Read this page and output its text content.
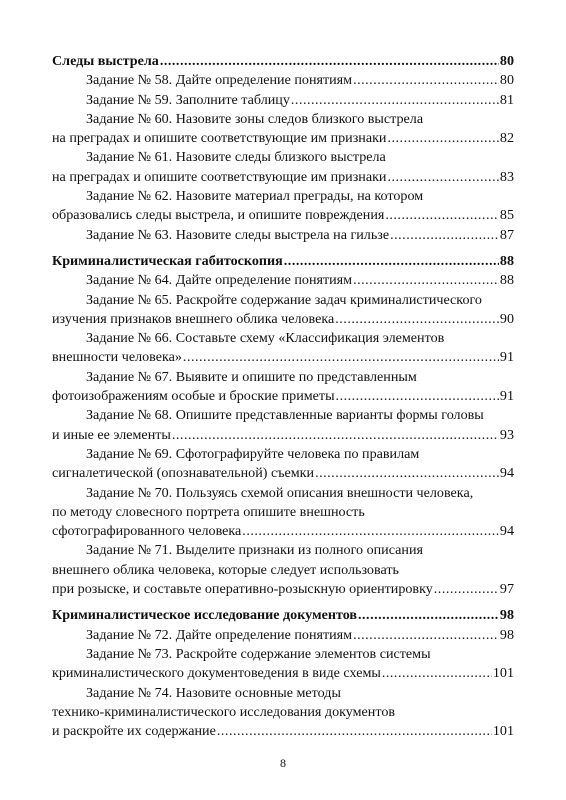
Следы выстрела .....	80
Задание № 58. Дайте определение понятиям .....	80
Задание № 59. Заполните таблицу .....	81
Задание № 60. Назовите зоны следов близкого выстрела
на преградах и опишите соответствующие им признаки .....	82
Задание № 61. Назовите следы близкого выстрела
на преградах и опишите соответствующие им признаки .....	83
Задание № 62. Назовите материал преграды, на котором
образовались следы выстрела, и опишите повреждения .....	85
Задание № 63. Назовите следы выстрела на гильзе .....	87
Криминалистическая габитоскопия .....	88
Задание № 64. Дайте определение понятиям .....	88
Задание № 65. Раскройте содержание задач криминалистического
изучения признаков внешнего облика человека .....	90
Задание № 66. Составьте схему «Классификация элементов
внешности человека» .....	91
Задание № 67. Выявите и опишите по представленным
фотоизображениям особые и броские приметы .....	91
Задание № 68. Опишите представленные варианты формы головы
и иные ее элементы .....	93
Задание № 69. Сфотографируйте человека по правилам
сигналетической (опознавательной) съемки .....	94
Задание № 70. Пользуясь схемой описания внешности человека,
по методу словесного портрета опишите внешность
сфотографированного человека .....	94
Задание № 71. Выделите признаки из полного описания
внешнего облика человека, которые следует использовать
при розыске, и составьте оперативно-розыскную ориентировку .....	97
Криминалистическое исследование документов .....	98
Задание № 72. Дайте определение понятиям .....	98
Задание № 73. Раскройте содержание элементов системы
криминалистического документоведения в виде схемы .....	101
Задание № 74. Назовите основные методы
технико-криминалистического исследования документов
и раскройте их содержание .....	101
8
